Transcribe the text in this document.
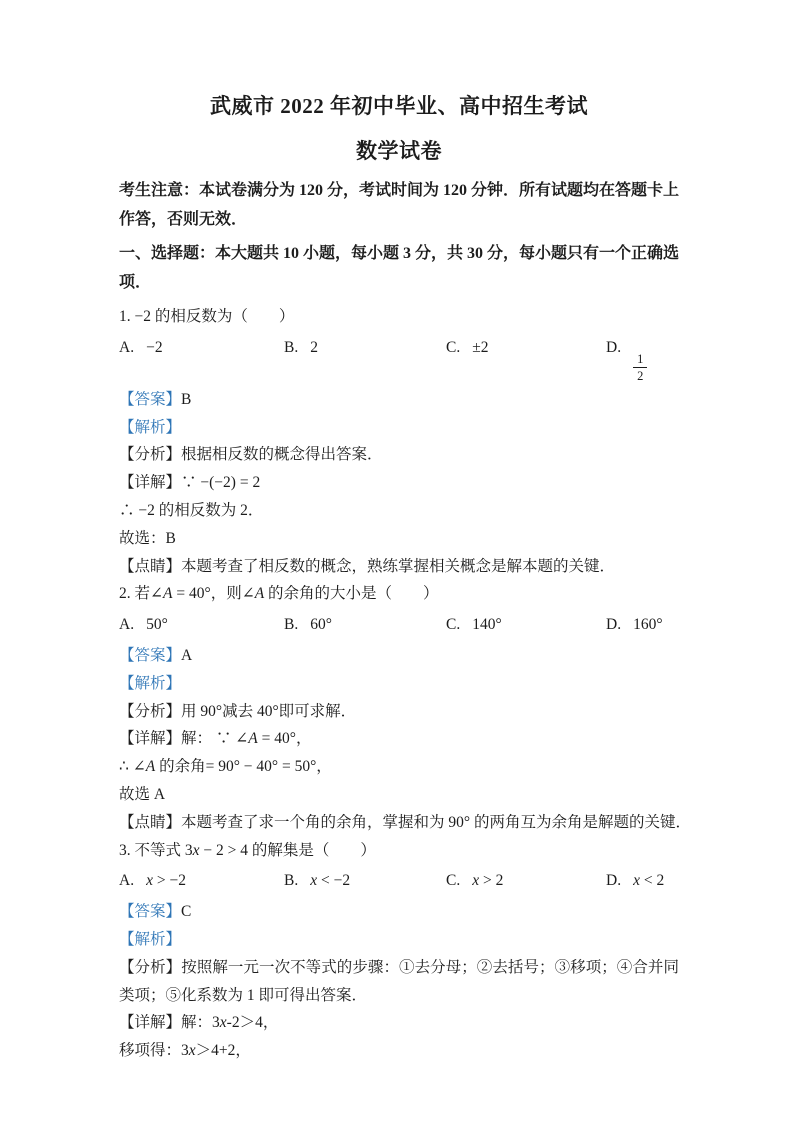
武威市 2022 年初中毕业、高中招生考试
数学试卷

考生注意：本试卷满分为 120 分，考试时间为 120 分钟．所有试题均在答题卡上作答，否则无效．

一、选择题：本大题共 10 小题，每小题 3 分，共 30 分，每小题只有一个正确选项．

1. −2 的相反数为（　　）

A. −2	B. 2	C. ±2	D.
$\frac{1}{2}$

【答案】B

【解析】

【分析】根据相反数的概念得出答案．

【详解】∵ −(−2) = 2

∴ −2 的相反数为 2．

故选：B

【点睛】本题考查了相反数的概念，熟练掌握相关概念是解本题的关键．

2. 若∠A = 40°，则∠A 的余角的大小是（　　）

A. 50°	B. 60°	C. 140°	D. 160°

【答案】A

【解析】

【分析】用 90°减去 40°即可求解．

【详解】解： ∵ ∠A = 40°，

∴ ∠A 的余角= 90° − 40° = 50°，

故选 A

【点睛】本题考查了求一个角的余角，掌握和为 90° 的两角互为余角是解题的关键．

3. 不等式 3x − 2 > 4 的解集是（　　）

A. x > −2	B. x < −2	C. x > 2	D. x < 2

【答案】C

【解析】

【分析】按照解一元一次不等式的步骤：①去分母；②去括号；③移项；④合并同类项；⑤化系数为 1 即可得出答案．

【详解】解：3x-2＞4，

移项得：3x＞4+2，
